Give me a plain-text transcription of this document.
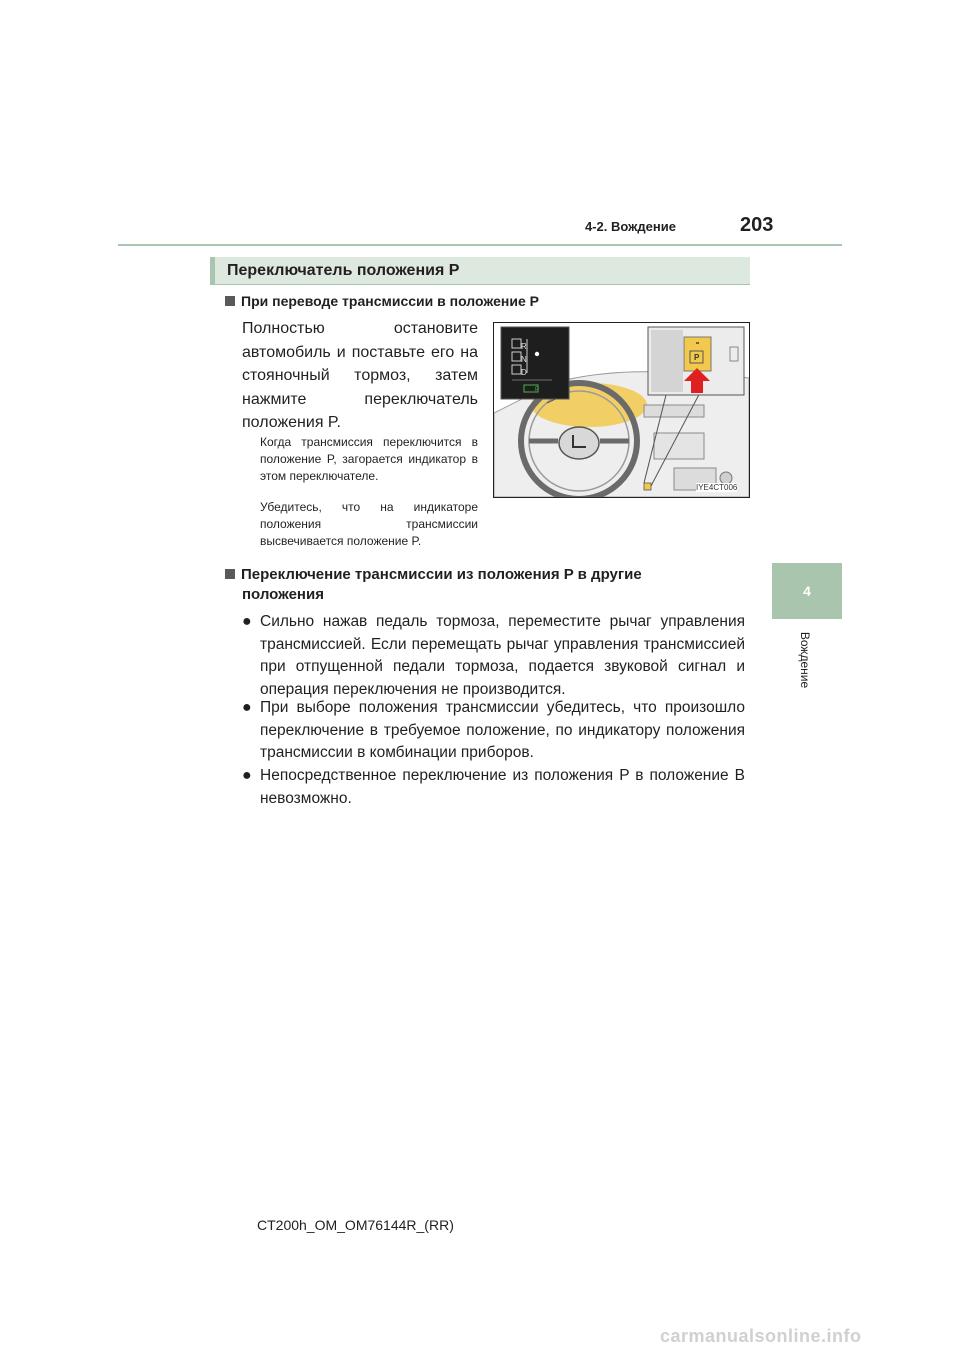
4-2. Вождение	203
4
Вождение
Переключатель положения P
При переводе трансмиссии в положение P
Полностью остановите автомобиль и поставьте его на стояночный тормоз, затем нажмите переключатель положения P.
Когда трансмиссия переключится в положение P, загорается индикатор в этом переключателе.
Убедитесь, что на индикаторе положения трансмиссии высвечивается положение P.
R
N
D
P
P
IYE4CT006
Переключение трансмиссии из положения P в другие
положения
● Сильно нажав педаль тормоза, переместите рычаг управления трансмиссией. Если перемещать рычаг управления трансмиссией при отпущенной педали тормоза, подается звуковой сигнал и операция переключения не производится.
● При выборе положения трансмиссии убедитесь, что произошло переключение в требуемое положение, по индикатору положения трансмиссии в комбинации приборов.
● Непосредственное переключение из положения P в положение B невозможно.
CT200h_OM_OM76144R_(RR)
carmanualsonline.info
